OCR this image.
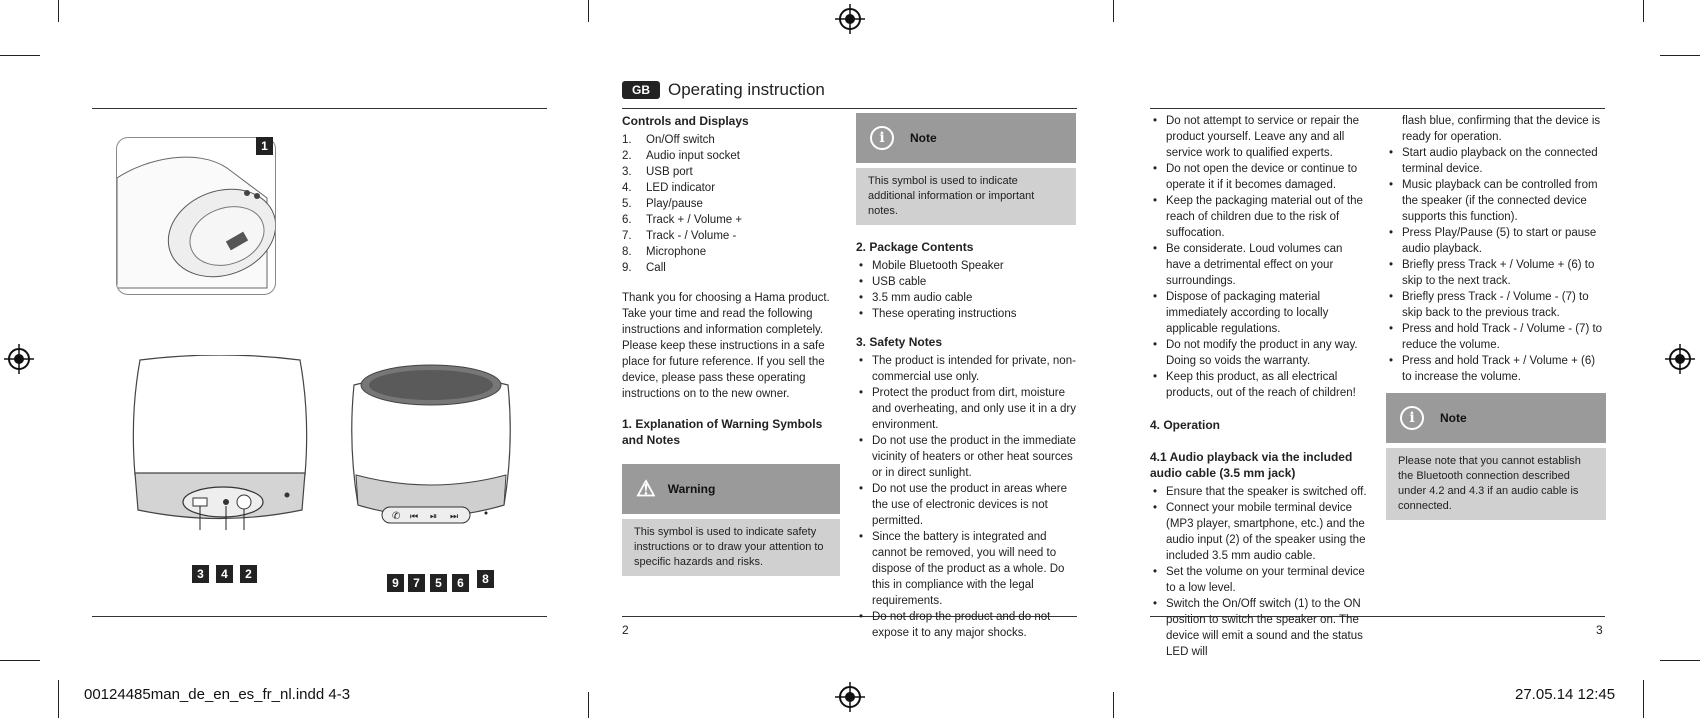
1
3	4	2
✆ ⏮ ⏯ ⏭
9	7	5	6	8
GB	Operating instruction
Controls and Displays
1. On/Off switch
2. Audio input socket
3. USB port
4. LED indicator
5. Play/pause
6. Track + / Volume +
7. Track - / Volume -
8. Microphone
9. Call

Thank you for choosing a Hama product. Take your time and read the following instructions and information completely. Please keep these instructions in a safe place for future reference. If you sell the device, please pass these operating instructions on to the new owner.

1. Explanation of Warning Symbols and Notes
⚠ Warning
This symbol is used to indicate safety instructions or to draw your attention to specific hazards and risks.
i	Note
This symbol is used to indicate additional information or important notes.
2. Package Contents
• Mobile Bluetooth Speaker
• USB cable
• 3.5 mm audio cable
• These operating instructions
3. Safety Notes
• The product is intended for private, non-commercial use only.
• Protect the product from dirt, moisture and overheating, and only use it in a dry environment.
• Do not use the product in the immediate vicinity of heaters or other heat sources or in direct sunlight.
• Do not use the product in areas where the use of electronic devices is not permitted.
• Since the battery is integrated and cannot be removed, you will need to dispose of the product as a whole. Do this in compliance with the legal requirements.
• Do not drop the product and do not expose it to any major shocks.
2
• Do not attempt to service or repair the product yourself. Leave any and all service work to qualified experts.
• Do not open the device or continue to operate it if it becomes damaged.
• Keep the packaging material out of the reach of children due to the risk of suffocation.
• Be considerate. Loud volumes can have a detrimental effect on your surroundings.
• Dispose of packaging material immediately according to locally applicable regulations.
• Do not modify the product in any way. Doing so voids the warranty.
• Keep this product, as all electrical products, out of the reach of children!
4. Operation
4.1 Audio playback via the included audio cable (3.5 mm jack)
• Ensure that the speaker is switched off.
• Connect your mobile terminal device (MP3 player, smartphone, etc.) and the audio input (2) of the speaker using the included 3.5 mm audio cable.
• Set the volume on your terminal device to a low level.
• Switch the On/Off switch (1) to the ON position to switch the speaker on. The device will emit a sound and the status LED will

flash blue, confirming that the device is ready for operation.

• Start audio playback on the connected terminal device.
• Music playback can be controlled from the speaker (if the connected device supports this function).
• Press Play/Pause (5) to start or pause audio playback.
• Briefly press Track + / Volume + (6) to skip to the next track.
• Briefly press Track - / Volume - (7) to skip back to the previous track.
• Press and hold Track - / Volume - (7) to reduce the volume.
• Press and hold Track + / Volume + (6) to increase the volume.
i	Note
Please note that you cannot establish the Bluetooth connection described under 4.2 and 4.3 if an audio cable is connected.
3
00124485man_de_en_es_fr_nl.indd 4-3	27.05.14 12:45
